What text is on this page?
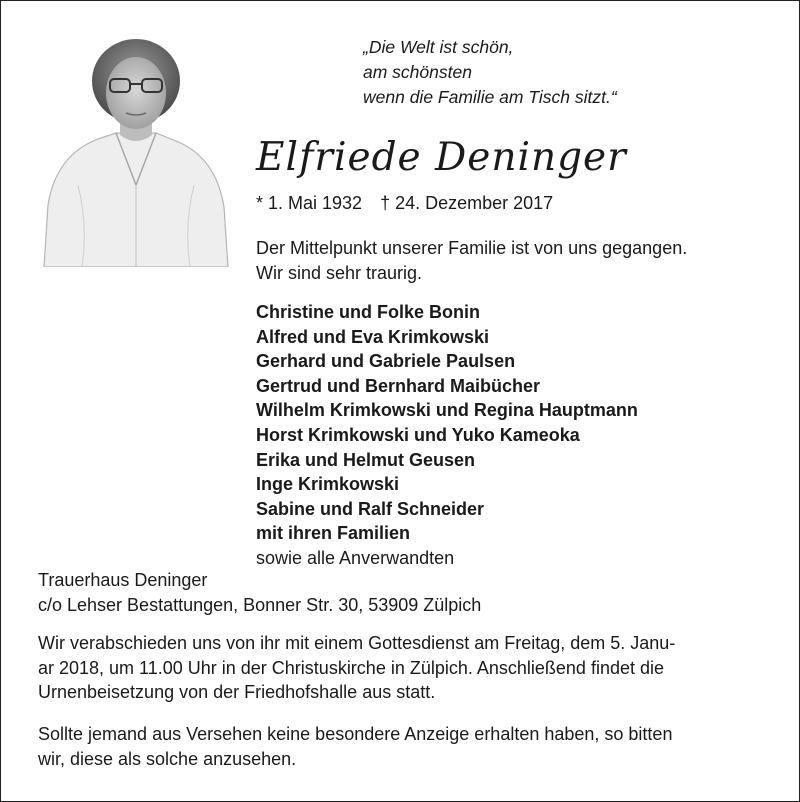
„Die Welt ist schön,
am schönsten
wenn die Familie am Tisch sitzt.“
Elfriede Deninger
* 1. Mai 1932 † 24. Dezember 2017
Der Mittelpunkt unserer Familie ist von uns gegangen.
Wir sind sehr traurig.
Christine und Folke Bonin
Alfred und Eva Krimkowski
Gerhard und Gabriele Paulsen
Gertrud und Bernhard Maibücher
Wilhelm Krimkowski und Regina Hauptmann
Horst Krimkowski und Yuko Kameoka
Erika und Helmut Geusen
Inge Krimkowski
Sabine und Ralf Schneider
mit ihren Familien
sowie alle Anverwandten
Trauerhaus Deninger
c/o Lehser Bestattungen, Bonner Str. 30, 53909 Zülpich
Wir verabschieden uns von ihr mit einem Gottesdienst am Freitag, dem 5. Janu-
ar 2018, um 11.00 Uhr in der Christuskirche in Zülpich. Anschließend findet die
Urnenbeisetzung von der Friedhofshalle aus statt.
Sollte jemand aus Versehen keine besondere Anzeige erhalten haben, so bitten
wir, diese als solche anzusehen.
